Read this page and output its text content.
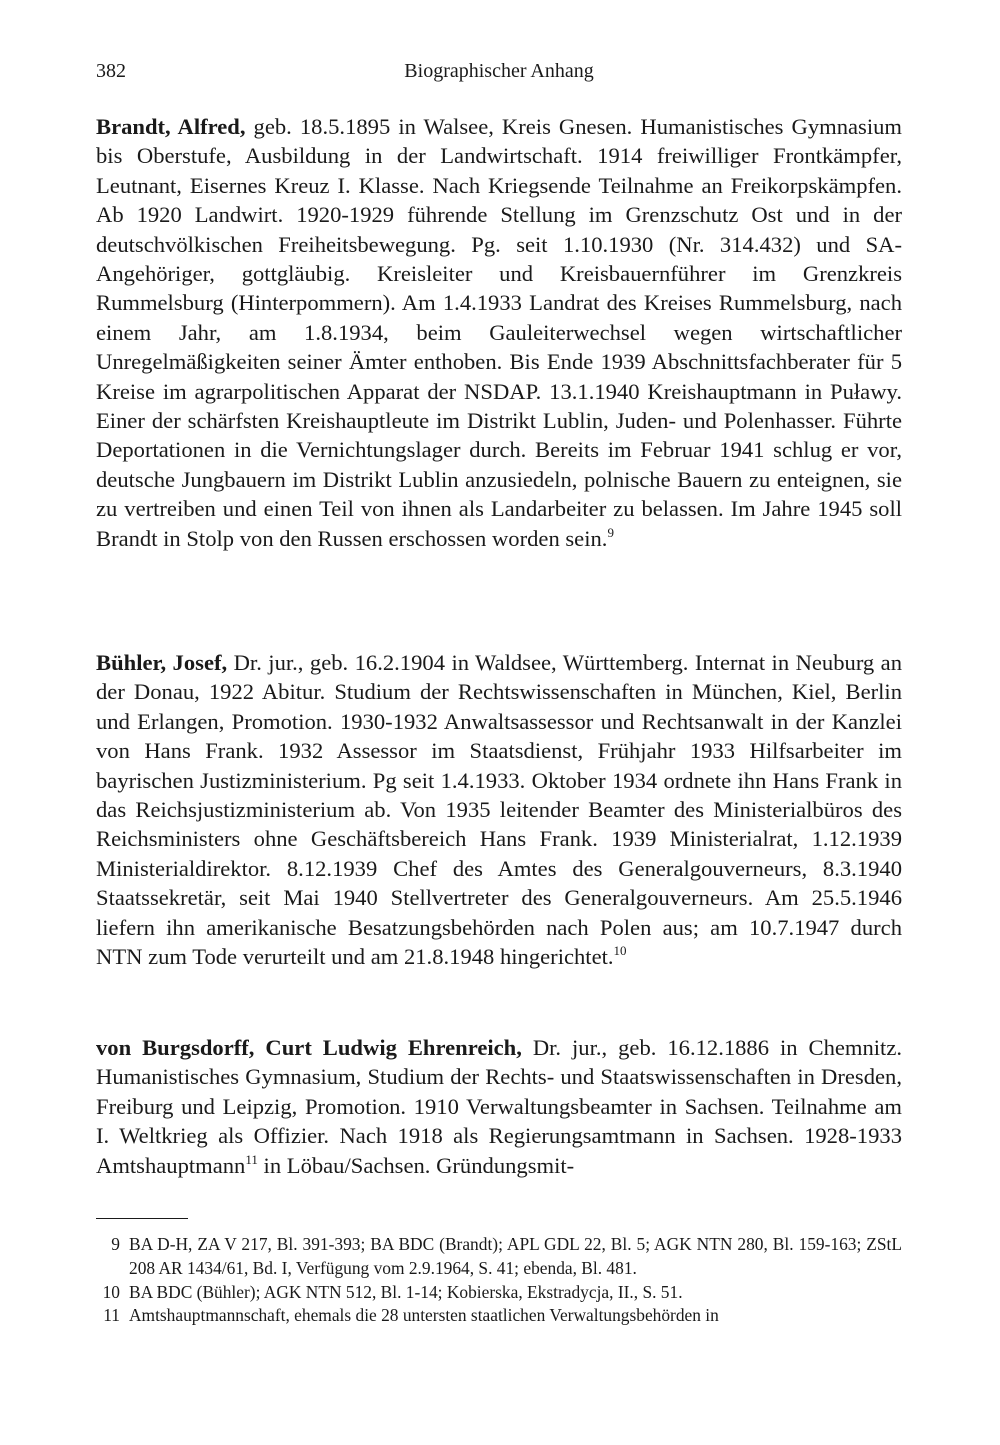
382	Biographischer Anhang

Brandt, Alfred, geb. 18.5.1895 in Walsee, Kreis Gnesen. Humanistisches Gymnasium bis Oberstufe, Ausbildung in der Landwirtschaft. 1914 freiwilliger Frontkämpfer, Leutnant, Eisernes Kreuz I. Klasse. Nach Kriegsende Teilnahme an Freikorpskämpfen. Ab 1920 Landwirt. 1920-1929 führende Stellung im Grenzschutz Ost und in der deutschvölkischen Freiheitsbewegung. Pg. seit 1.10.1930 (Nr. 314.432) und SA-Angehöriger, gottgläubig. Kreisleiter und Kreisbauernführer im Grenzkreis Rummelsburg (Hinterpommern). Am 1.4.1933 Landrat des Kreises Rummelsburg, nach einem Jahr, am 1.8.1934, beim Gauleiterwechsel wegen wirtschaftlicher Unregelmäßigkeiten seiner Ämter enthoben. Bis Ende 1939 Abschnittsfachberater für 5 Kreise im agrarpolitischen Apparat der NSDAP. 13.1.1940 Kreishauptmann in Puławy. Einer der schärfsten Kreishauptleute im Distrikt Lublin, Juden- und Polenhasser. Führte Deportationen in die Vernichtungslager durch. Bereits im Februar 1941 schlug er vor, deutsche Jungbauern im Distrikt Lublin anzusiedeln, polnische Bauern zu enteignen, sie zu vertreiben und einen Teil von ihnen als Landarbeiter zu belassen. Im Jahre 1945 soll Brandt in Stolp von den Russen erschossen worden sein.$^9$

Bühler, Josef, Dr. jur., geb. 16.2.1904 in Waldsee, Württemberg. Internat in Neuburg an der Donau, 1922 Abitur. Studium der Rechtswissenschaften in München, Kiel, Berlin und Erlangen, Promotion. 1930-1932 Anwaltsassessor und Rechtsanwalt in der Kanzlei von Hans Frank. 1932 Assessor im Staatsdienst, Frühjahr 1933 Hilfsarbeiter im bayrischen Justizministerium. Pg seit 1.4.1933. Oktober 1934 ordnete ihn Hans Frank in das Reichsjustizministerium ab. Von 1935 leitender Beamter des Ministerialbüros des Reichsministers ohne Geschäftsbereich Hans Frank. 1939 Ministerialrat, 1.12.1939 Ministerialdirektor. 8.12.1939 Chef des Amtes des Generalgouverneurs, 8.3.1940 Staatssekretär, seit Mai 1940 Stellvertreter des Generalgouverneurs. Am 25.5.1946 liefern ihn amerikanische Besatzungsbehörden nach Polen aus; am 10.7.1947 durch NTN zum Tode verurteilt und am 21.8.1948 hingerichtet.$^{10}$

von Burgsdorff, Curt Ludwig Ehrenreich, Dr. jur., geb. 16.12.1886 in Chemnitz. Humanistisches Gymnasium, Studium der Rechts- und Staatswissenschaften in Dresden, Freiburg und Leipzig, Promotion. 1910 Verwaltungsbeamter in Sachsen. Teilnahme am I. Weltkrieg als Offizier. Nach 1918 als Regierungsamtmann in Sachsen. 1928-1933 Amtshauptmann$^{11}$ in Löbau/Sachsen. Gründungsmit-

9 BA D-H, ZA V 217, Bl. 391-393; BA BDC (Brandt); APL GDL 22, Bl. 5; AGK NTN 280, Bl. 159-163; ZStL 208 AR 1434/61, Bd. I, Verfügung vom 2.9.1964, S. 41; ebenda, Bl. 481.
10 BA BDC (Bühler); AGK NTN 512, Bl. 1-14; Kobierska, Ekstradycja, II., S. 51.
11 Amtshauptmannschaft, ehemals die 28 untersten staatlichen Verwaltungsbehörden in
